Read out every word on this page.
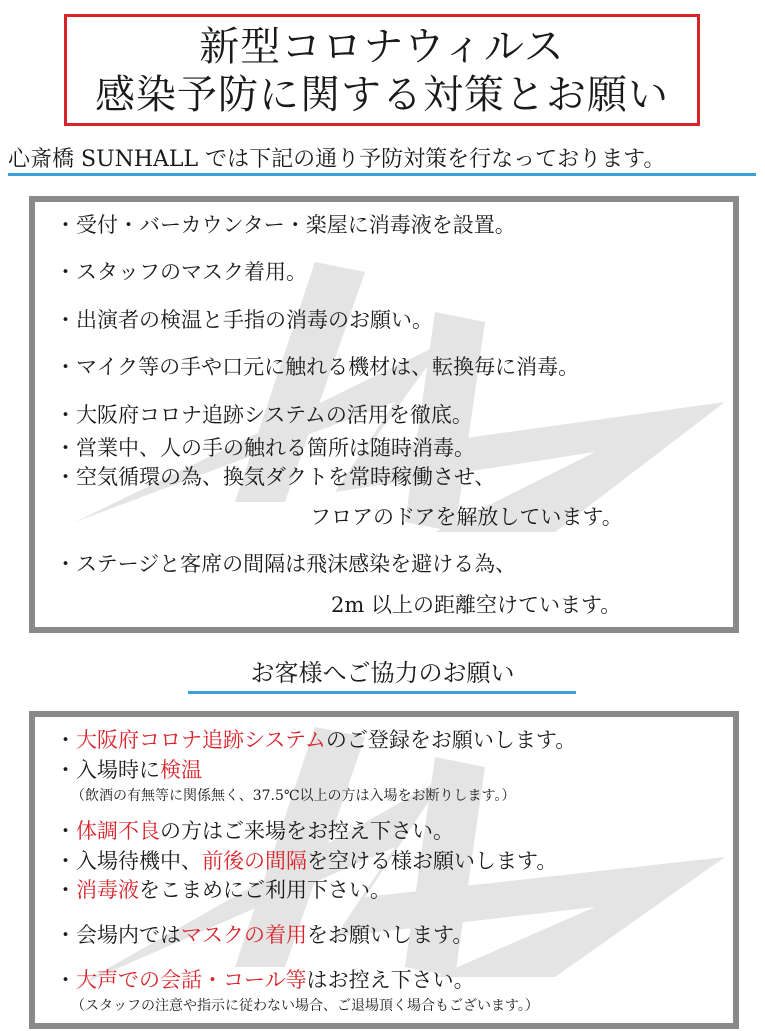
新型コロナウィルス
感染予防に関する対策とお願い
心斎橋 SUNHALL では下記の通り予防対策を行なっております。
・受付・バーカウンター・楽屋に消毒液を設置。
・スタッフのマスク着用。
・出演者の検温と手指の消毒のお願い。
・マイク等の手や口元に触れる機材は、転換毎に消毒。
・大阪府コロナ追跡システムの活用を徹底。
・営業中、人の手の触れる箇所は随時消毒。
・空気循環の為、換気ダクトを常時稼働させ、
フロアのドアを解放しています。
・ステージと客席の間隔は飛沫感染を避ける為、
2m 以上の距離空けています。
お客様へご協力のお願い
・大阪府コロナ追跡システムのご登録をお願いします。
・入場時に検温
（飲酒の有無等に関係無く、37.5℃以上の方は入場をお断りします。）
・体調不良の方はご来場をお控え下さい。
・入場待機中、前後の間隔を空ける様お願いします。
・消毒液をこまめにご利用下さい。
・会場内ではマスクの着用をお願いします。
・大声での会話・コール等はお控え下さい。
（スタッフの注意や指示に従わない場合、ご退場頂く場合もございます。）
